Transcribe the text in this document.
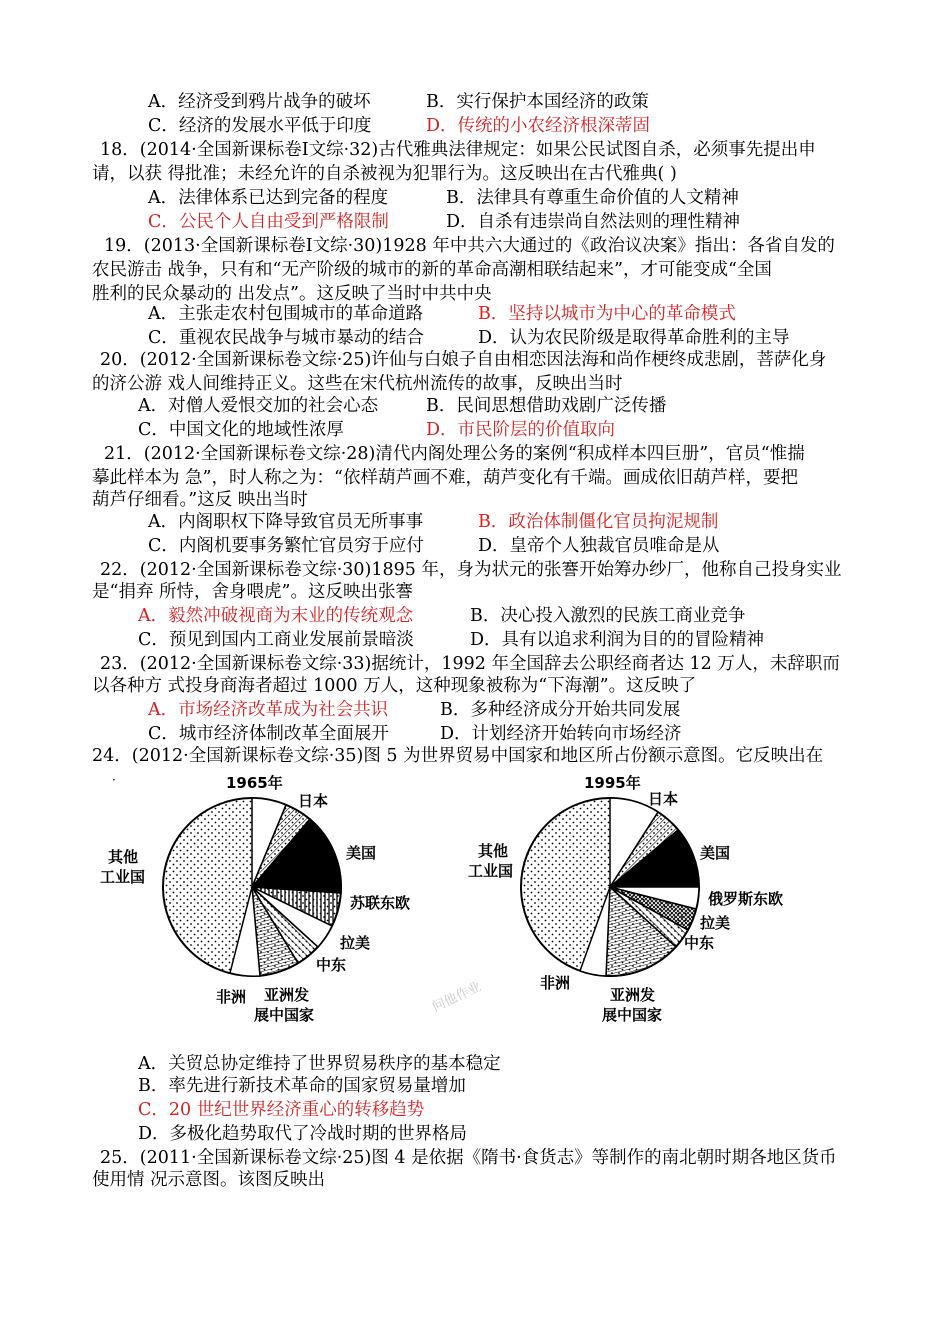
A．经济受到鸦片战争的破坏	B．实行保护本国经济的政策
C．经济的发展水平低于印度	D．传统的小农经济根深蒂固
18．(2014·全国新课标卷Ⅰ文综·32)古代雅典法律规定：如果公民试图自杀，必须事先提出申
请，以获 得批准；未经允许的自杀被视为犯罪行为。这反映出在古代雅典( )
A．法律体系已达到完备的程度	B．法律具有尊重生命价值的人文精神
C．公民个人自由受到严格限制	D．自杀有违崇尚自然法则的理性精神
19．(2013·全国新课标卷Ⅰ文综·30)1928 年中共六大通过的《政治议决案》指出：各省自发的
农民游击 战争，只有和“无产阶级的城市的新的革命高潮相联结起来”，才可能变成“全国
胜利的民众暴动的 出发点”。这反映了当时中共中央
A．主张走农村包围城市的革命道路	B．坚持以城市为中心的革命模式
C．重视农民战争与城市暴动的结合	D．认为农民阶级是取得革命胜利的主导
20．(2012·全国新课标卷文综·25)许仙与白娘子自由相恋因法海和尚作梗终成悲剧，菩萨化身
的济公游 戏人间维持正义。这些在宋代杭州流传的故事，反映出当时
A．对僧人爱恨交加的社会心态	B．民间思想借助戏剧广泛传播
C．中国文化的地域性浓厚	D．市民阶层的价值取向
21．(2012·全国新课标卷文综·28)清代内阁处理公务的案例“积成样本四巨册”，官员“惟揣
摹此样本为 急”，时人称之为：“依样葫芦画不难，葫芦变化有千端。画成依旧葫芦样，要把
葫芦仔细看。”这反 映出当时
A．内阁职权下降导致官员无所事事	B．政治体制僵化官员拘泥规制
C．内阁机要事务繁忙官员穷于应付	D．皇帝个人独裁官员唯命是从
22．(2012·全国新课标卷文综·30)1895 年，身为状元的张謇开始筹办纱厂，他称自己投身实业
是“捐弃 所恃，舍身喂虎”。这反映出张謇
A．毅然冲破视商为末业的传统观念	B．决心投入激烈的民族工商业竞争
C．预见到国内工商业发展前景暗淡	D．具有以追求利润为目的的冒险精神
23．(2012·全国新课标卷文综·33)据统计，1992 年全国辞去公职经商者达 12 万人，未辞职而
以各种方 式投身商海者超过 1000 万人，这种现象被称为“下海潮”。这反映了
A．市场经济改革成为社会共识	B．多种经济成分开始共同发展
C．城市经济体制改革全面展开	D．计划经济开始转向市场经济
24．(2012·全国新课标卷文综·35)图 5 为世界贸易中国家和地区所占份额示意图。它反映出在
．	1965年
日本
美国
苏联东欧
拉美
中东
亚洲发
展中国家
非洲
其他
工业国
1995年
日本
美国
俄罗斯东欧
拉美
中东
亚洲发
展中国家
非洲
其他
工业国
问他作业
A．关贸总协定维持了世界贸易秩序的基本稳定
B．率先进行新技术革命的国家贸易量增加
C．20 世纪世界经济重心的转移趋势
D．多极化趋势取代了冷战时期的世界格局
25．(2011·全国新课标卷文综·25)图 4 是依据《隋书·食货志》等制作的南北朝时期各地区货币
使用情 况示意图。该图反映出
